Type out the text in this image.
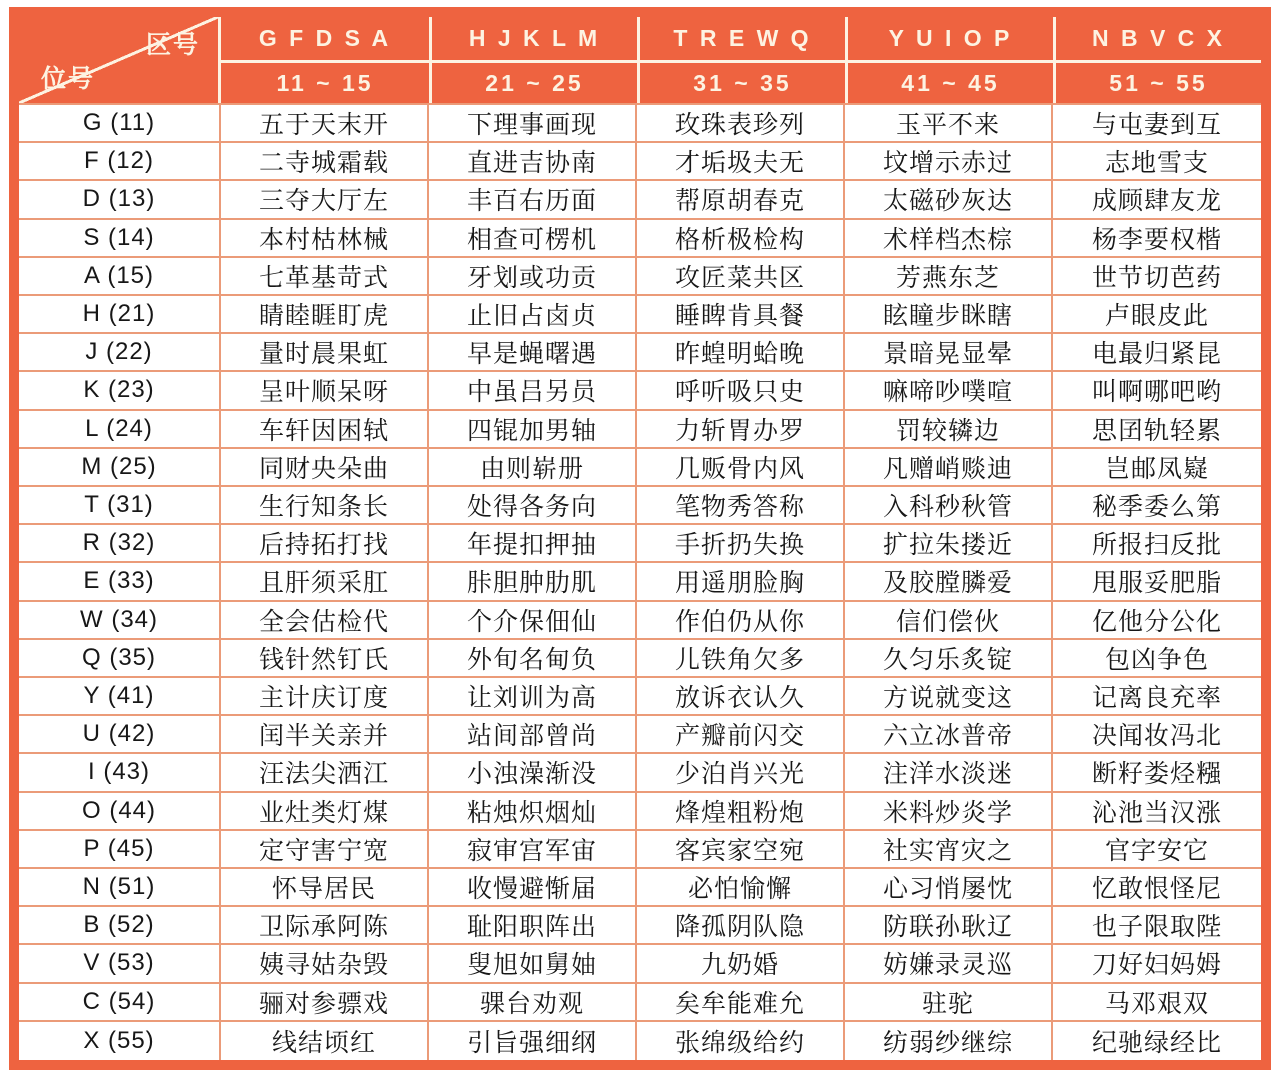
区号
位号
G F D S A	H J K L M	T R E W Q	Y U I O P	N B V C X
11 ~ 15	21 ~ 25	31 ~ 35	41 ~ 45	51 ~ 55
G (11)	五于天末开	下理事画现	玫珠表珍列	玉平不来	与屯妻到互
F (12)	二寺城霜载	直进吉协南	才垢圾夫无	坟增示赤过	志地雪支
D (13)	三夺大厅左	丰百右历面	帮原胡春克	太磁砂灰达	成顾肆友龙
S (14)	本村枯林械	相查可楞机	格析极检构	术样档杰棕	杨李要权楷
A (15)	七革基苛式	牙划或功贡	攻匠菜共区	芳燕东芝	世节切芭药
H (21)	睛睦睚盯虎	止旧占卤贞	睡睥肯具餐	眩瞳步眯瞎	卢眼皮此
J (22)	量时晨果虹	早是蝇曙遇	昨蝗明蛤晚	景暗晃显晕	电最归紧昆
K (23)	呈叶顺呆呀	中虽吕另员	呼听吸只史	嘛啼吵噗喧	叫啊哪吧哟
L (24)	车轩因困轼	四锟加男轴	力斩胃办罗	罚较辚边	思囝轨轻累
M (25)	同财央朵曲	由则崭册	几贩骨内风	凡赠峭赕迪	岂邮凤嶷
T (31)	生行知条长	处得各务向	笔物秀答称	入科秒秋管	秘季委么第
R (32)	后持拓打找	年提扣押抽	手折扔失换	扩拉朱搂近	所报扫反批
E (33)	且肝须采肛	胩胆肿肋肌	用遥朋脸胸	及胶膛膦爱	甩服妥肥脂
W (34)	全会估检代	个介保佃仙	作伯仍从你	信们偿伙	亿他分公化
Q (35)	钱针然钉氏	外旬名甸负	儿铁角欠多	久匀乐炙锭	包凶争色
Y (41)	主计庆订度	让刘训为高	放诉衣认久	方说就变这	记离良充率
U (42)	闰半关亲并	站间部曾尚	产瓣前闪交	六立冰普帝	决闻妆冯北
I (43)	汪法尖洒江	小浊澡渐没	少泊肖兴光	注洋水淡迷	断籽娄烃糨
O (44)	业灶类灯煤	粘烛炽烟灿	烽煌粗粉炮	米料炒炎学	沁池当汉涨
P (45)	定守害宁宽	寂审宫军宙	客宾家空宛	社实宵灾之	官字安它
N (51)	怀导居民	收慢避惭届	必怕愉懈	心习悄屡忱	忆敢恨怪尼
B (52)	卫际承阿陈	耻阳职阵出	降孤阴队隐	防联孙耿辽	也子限取陛
V (53)	姨寻姑杂毁	叟旭如舅妯	九奶婚	妨嫌录灵巡	刀好妇妈姆
C (54)	骊对参骠戏	骒台劝观	矣牟能难允	驻驼	马邓艰双
X (55)	线结顷红	引旨强细纲	张绵级给约	纺弱纱继综	纪驰绿经比
